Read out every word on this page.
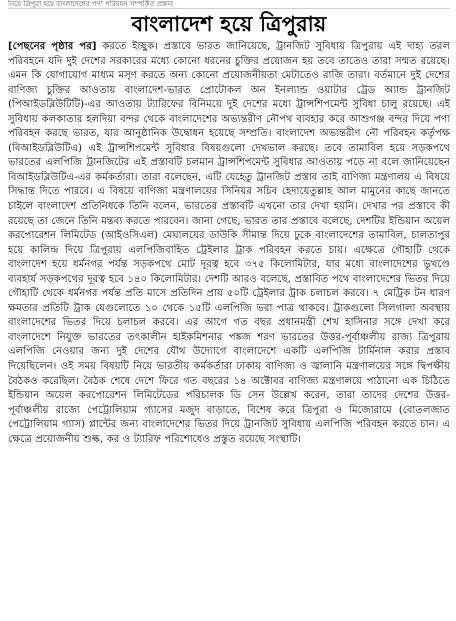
নিয়ে ত্রিপুরা হয়ে বাংলাদেশের পণ্য পরিবহন সম্পর্কিত প্রস্তাব
বাংলাদেশ হয়ে ত্রিপুরায়

[পেছনের পৃষ্ঠার পর] করতে ইচ্ছুক। প্রস্তাবে ভারত জানিয়েছে, ট্রানজিট সুবিধায় ত্রিপুরায় এই দাহ্য তরল পরিবহনে যদি দুই দেশের সরকারের মধ্যে কোনো ধরনের চুক্তির প্রয়োজন হয় তবে তাতেও তারা সম্মত রয়েছে। এমন কি যোগাযোগ মাধ্যম মসৃণ করতে অন্য কোনো প্রয়োজনীয়তা মেটাতেও রাজি তারা। বর্তমানে দুই দেশের বাণিজ্য চুক্তির আওতায় বাংলাদেশ-ভারত প্রোটোকল অন ইনল্যান্ড ওয়াটার ট্রেড অ্যান্ড ট্রানজিট (পিআইডব্লিউটিটি)-এর আওতায় ট্যারিফের বিনিময়ে দুই দেশের মধ্যে ট্রান্সশিপমেন্ট সুবিধা চালু রয়েছে। এই সুবিধায় কলকাতার হলদিয়া বন্দর থেকে বাংলাদেশের অভ্যন্তরীণ নৌপথ ব্যবহার করে আশুগঞ্জ বন্দর দিয়ে পণ্য পরিবহন করছে ভারত, যার আনুষ্ঠানিক উদ্বোধন হয়েছে সম্প্রতি। বাংলাদেশ অভ্যন্তরীণ নৌ পরিবহন কর্তৃপক্ষ (বিআইডব্লিউটিএ) এই ট্রান্সশিপমেন্ট সুবিধার বিষয়গুলো দেখভাল করছে। তবে তামাবিল হয়ে সড়কপথে ভারতের এলপিজি ট্রানজিটের এই প্রস্তাবটি চলমান ট্রান্সশিপমেন্ট সুবিধার আওতায় পড়ে না বলে জানিয়েছেন বিআইডব্লিউটিএ-এর কর্মকর্তারা। তারা বলেছেন, এটি যেহেতু ট্রানজিট প্রস্তাব তাই বাণিজ্য মন্ত্রণালয় এ বিষয়ে সিদ্ধান্ত দিতে পারবে। এ বিষয়ে বাণিজ্য মন্ত্রণালয়ের সিনিয়র সচিব হেদায়েতুল্লাহ আল মামুনের কাছে জানতে চাইলে বাংলাদেশ প্রতিনিধকে তিনি বলেন, ভারতের প্রস্তাবটি এখনো তার দেখা হয়নি। দেখার পর প্রস্তাবে কী রয়েছে তা জেনে তিনি মন্তব্য করতে পারবেন। জানা গেছে, ভারত তার প্রস্তাবে বলেছে, দেশটির ইন্ডিয়ান অয়েল করপোরেশন লিমিটেড (আইওসিএল) মেঘালয়ের ডাউকি সীমান্ত দিয়ে ঢুকে বাংলাদেশের তামাবিল, চালতাপুর হয়ে কালিন্দ্র দিয়ে ত্রিপুরায় এলপিজিবাহিত ট্রেইলার ট্রাক পরিবহন করতে চায়। এক্ষেত্রে গৌহাটি থেকে বাংলাদেশ হয়ে ধর্মনগর পর্যন্ত সড়কপথে মোট দূরত্ব হবে ৩৭৫ কিলোমিটার, যার মধ্যে বাংলাদেশের ভূখণ্ডে ব্যবহার্য সড়কপথের দূরত্ব হবে ১৪০ কিলোমিটার। দেশটি আরও বলেছে, প্রস্তাবিত পথে বাংলাদেশের ভিতর দিয়ে গৌহাটি থেকে ধর্মনগর পর্যন্ত প্রতি মাসে প্রতিদিন প্রায় ৫০টি ট্রেইলার ট্রাক চলাচল করবে। ৭ মেট্রিক টন ধারণ ক্ষমতার প্রতিটি ট্রাক যেগুলোতে ১০ থেকে ১৫টি এলপিজি ভরা পাত্র থাকবে। ট্রাকগুলো সিলগালা অবস্থায় বাংলাদেশের ভিতর দিয়ে চলাচল করবে। এর আগে গত বছর প্রধানমন্ত্রী শেখ হাসিনার সঙ্গে দেখা করে বাংলাদেশে নিযুক্ত ভারতের তৎকালীন হাইকমিশনার পঙ্কজ শরণ ভারতের উত্তর-পূর্বাঞ্চলীয় রাজ্য ত্রিপুরায় এলপিজি নেওয়ার জন্য দুই দেশের যৌথ উদ্যোগে বাংলাদেশে একটি এলপিজি টার্মিনাল করার প্রস্তাব দিয়েছিলেন। ওই সময় বিষয়টি নিয়ে ভারতীয় কর্মকর্তারা ঢাকায় বাণিজ্য ও জ্বালানি মন্ত্রণালয়ের সঙ্গে দ্বিপক্ষীয় বৈঠকও করেছিল। বৈঠক শেষে দেশে ফিরে গত বছরের ১৪ অক্টোবর বাণিজ্য মন্ত্রণালয়ে পাঠানো এক চিঠিতে ইন্ডিয়ান অয়েল করপোরেশন লিমিটেডের পরিচালক ডি সেন উল্লেখ করেন, তারা তাদের দেশের উত্তর-পূর্বাঞ্চলীয় রাজ্যে পেট্রোলিয়াম গ্যাসের মজুদ বাড়াতে, বিশেষ করে ত্রিপুরা ও মিজোরামে (বোতলজাত পেট্রোলিয়াম গ্যাস) প্লান্টের জন্য বাংলাদেশের ভিতর দিয়ে ট্রানজিট সুবিধায় এলপিজি পরিবহন করতে চান। এ ক্ষেত্রে প্রয়োজনীয় শুল্ক, কর ও ট্যারিফ পরিশোধেও প্রস্তুত রয়েছে সংস্থাটি।
